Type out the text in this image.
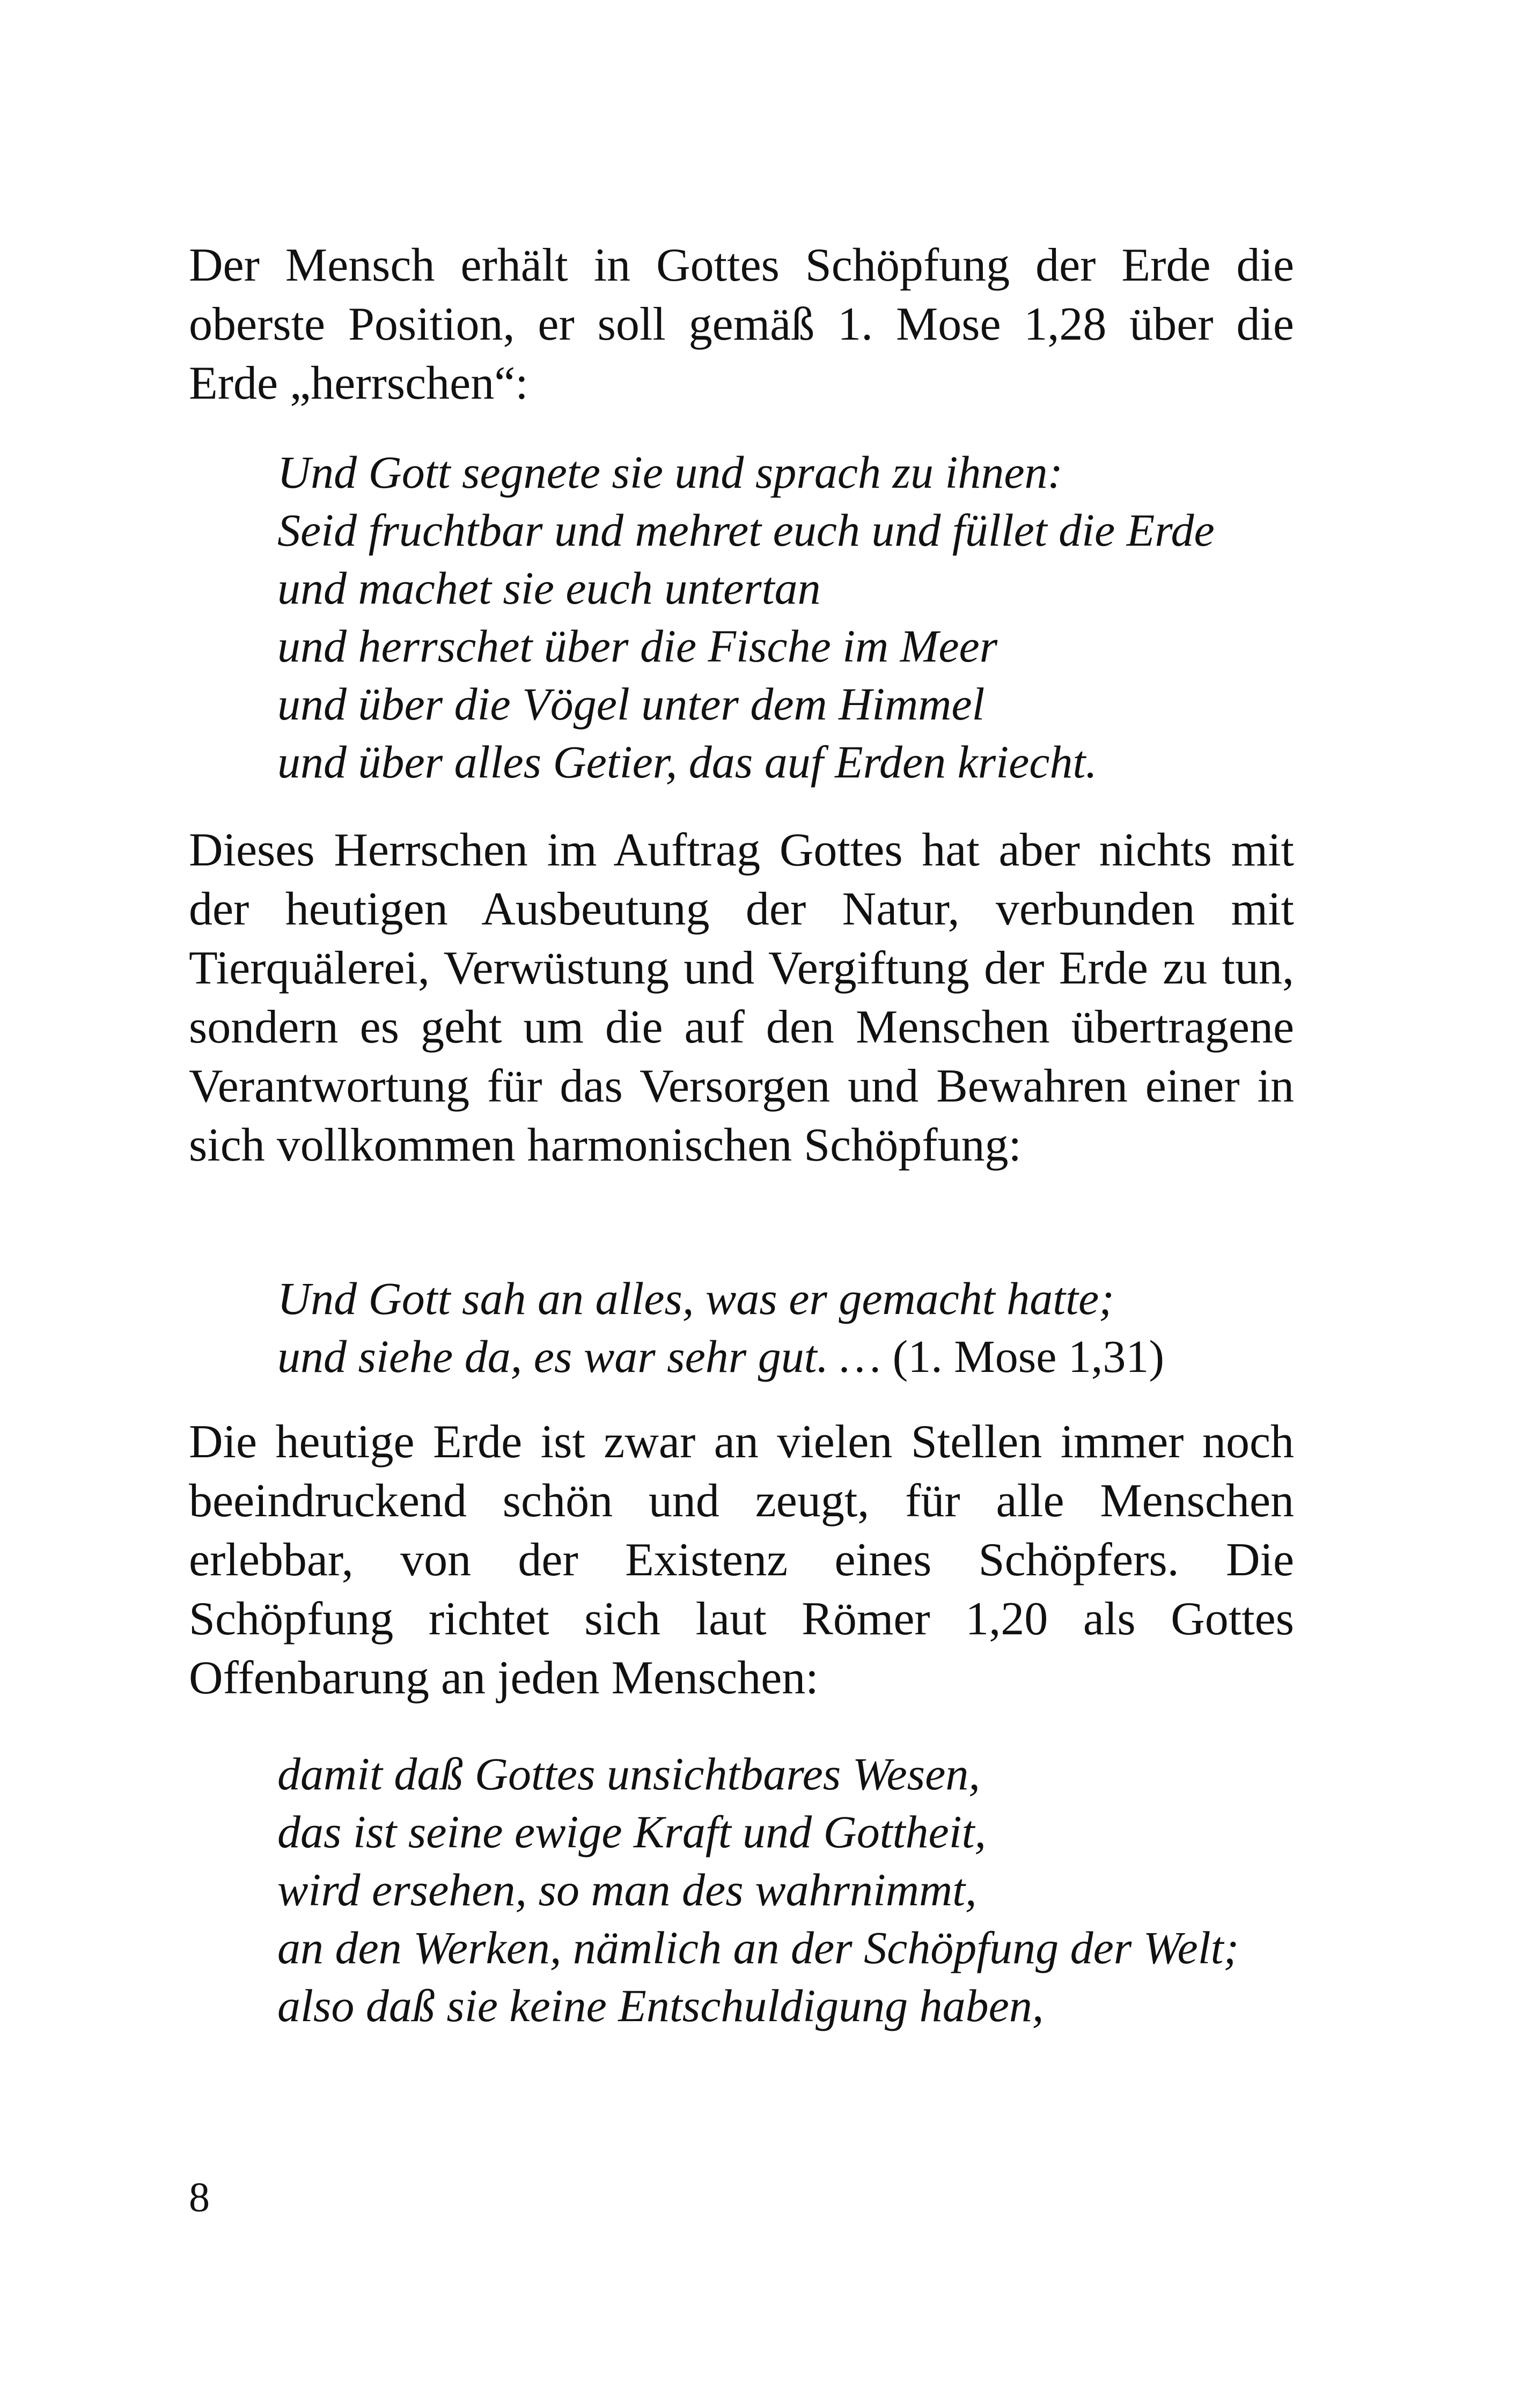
Der Mensch erhält in Gottes Schöpfung der Erde die oberste Position, er soll gemäß 1. Mose 1,28 über die Erde „herrschen“:

Und Gott segnete sie und sprach zu ihnen:
Seid fruchtbar und mehret euch und füllet die Erde
und machet sie euch untertan
und herrschet über die Fische im Meer
und über die Vögel unter dem Himmel
und über alles Getier, das auf Erden kriecht.

Dieses Herrschen im Auftrag Gottes hat aber nichts mit der heutigen Ausbeutung der Natur, verbunden mit Tierquälerei, Verwüstung und Vergiftung der Erde zu tun, sondern es geht um die auf den Menschen übertragene Verantwortung für das Versorgen und Bewahren einer in sich vollkommen harmonischen Schöpfung:

Und Gott sah an alles, was er gemacht hatte;
und siehe da, es war sehr gut. … (1. Mose 1,31)

Die heutige Erde ist zwar an vielen Stellen immer noch beeindruckend schön und zeugt, für alle Menschen erlebbar, von der Existenz eines Schöpfers. Die Schöpfung richtet sich laut Römer 1,20 als Gottes Offenbarung an jeden Menschen:

damit daß Gottes unsichtbares Wesen,
das ist seine ewige Kraft und Gottheit,
wird ersehen, so man des wahrnimmt,
an den Werken, nämlich an der Schöpfung der Welt;
also daß sie keine Entschuldigung haben,
8
